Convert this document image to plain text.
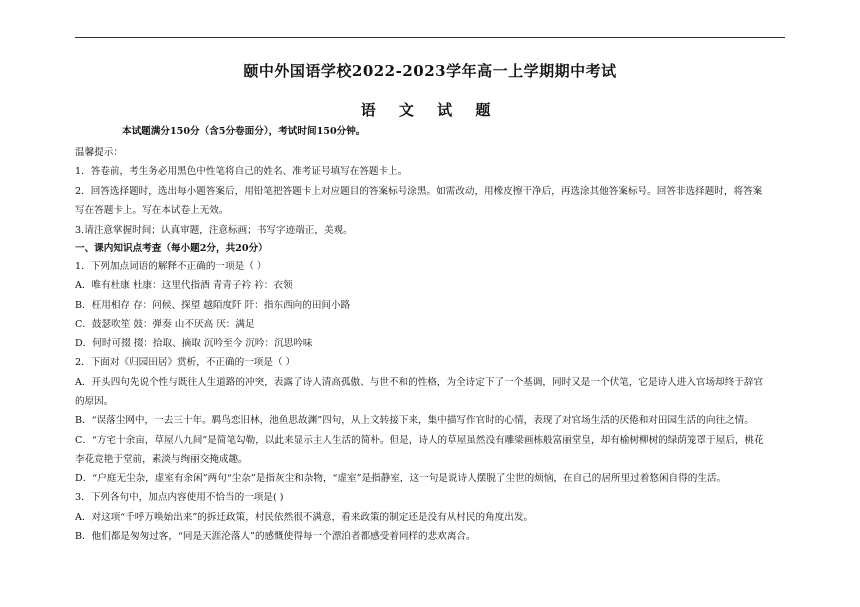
颐中外国语学校2022-2023学年高一上学期期中考试
语 文 试 题
本试题满分150分（含5分卷面分），考试时间150分钟。
温馨提示：
1．答卷前，考生务必用黑色中性笔将自己的姓名、准考证号填写在答题卡上。
2．回答选择题时，选出每小题答案后，用铅笔把答题卡上对应题目的答案标号涂黑。如需改动，用橡皮擦干净后，再选涂其他答案标号。回答非选择题时，将答案
写在答题卡上。写在本试卷上无效。
3.请注意掌握时间；认真审题，注意标画；书写字迹端正，美观。
一、课内知识点考查（每小题2分，共20分）
1．下列加点词语的解释不正确的一项是（ ）
A．唯有杜康 杜康：这里代指酒 青青子衿 衿：衣领
B．枉用相存 存：问候、探望 越陌度阡 阡：指东西向的田间小路
C．鼓瑟吹笙 鼓：弹奏 山不厌高 厌：满足
D．何时可掇 掇：拾取、摘取 沉吟至今 沉吟：沉思吟味
2．下面对《归园田居》赏析，不正确的一项是（ ）
A．开头四句先说个性与既往人生道路的冲突，表露了诗人清高孤傲、与世不和的性格，为全诗定下了一个基调，同时又是一个伏笔，它是诗人进入官场却终于辞官
的原因。
B．“误落尘网中，一去三十年。羁鸟恋旧林，池鱼思故渊”四句，从上文转接下来，集中描写作官时的心情，表现了对官场生活的厌倦和对田园生活的向往之情。
C．“方宅十余亩，草屋八九间”是简笔勾勒，以此来显示主人生活的简朴。但是，诗人的草屋虽然没有雕梁画栋般富丽堂皇，却有榆树柳树的绿荫笼罩于屋后，桃花
李花竞艳于堂前，素淡与绚丽交掩成趣。
D．“户庭无尘杂，虚室有余闲”两句“尘杂”是指灰尘和杂物，“虚室”是指静室，这一句是说诗人摆脱了尘世的烦恼，在自己的居所里过着悠闲自得的生活。
3．下列各句中，加点内容使用不恰当的一项是( )
A．对这项“千呼万唤始出来”的拆迁政策，村民依然很不满意，看来政策的制定还是没有从村民的角度出发。
B．他们都是匆匆过客，“同是天涯沦落人”的感慨使得每一个漂泊者都感受着同样的悲欢离合。
